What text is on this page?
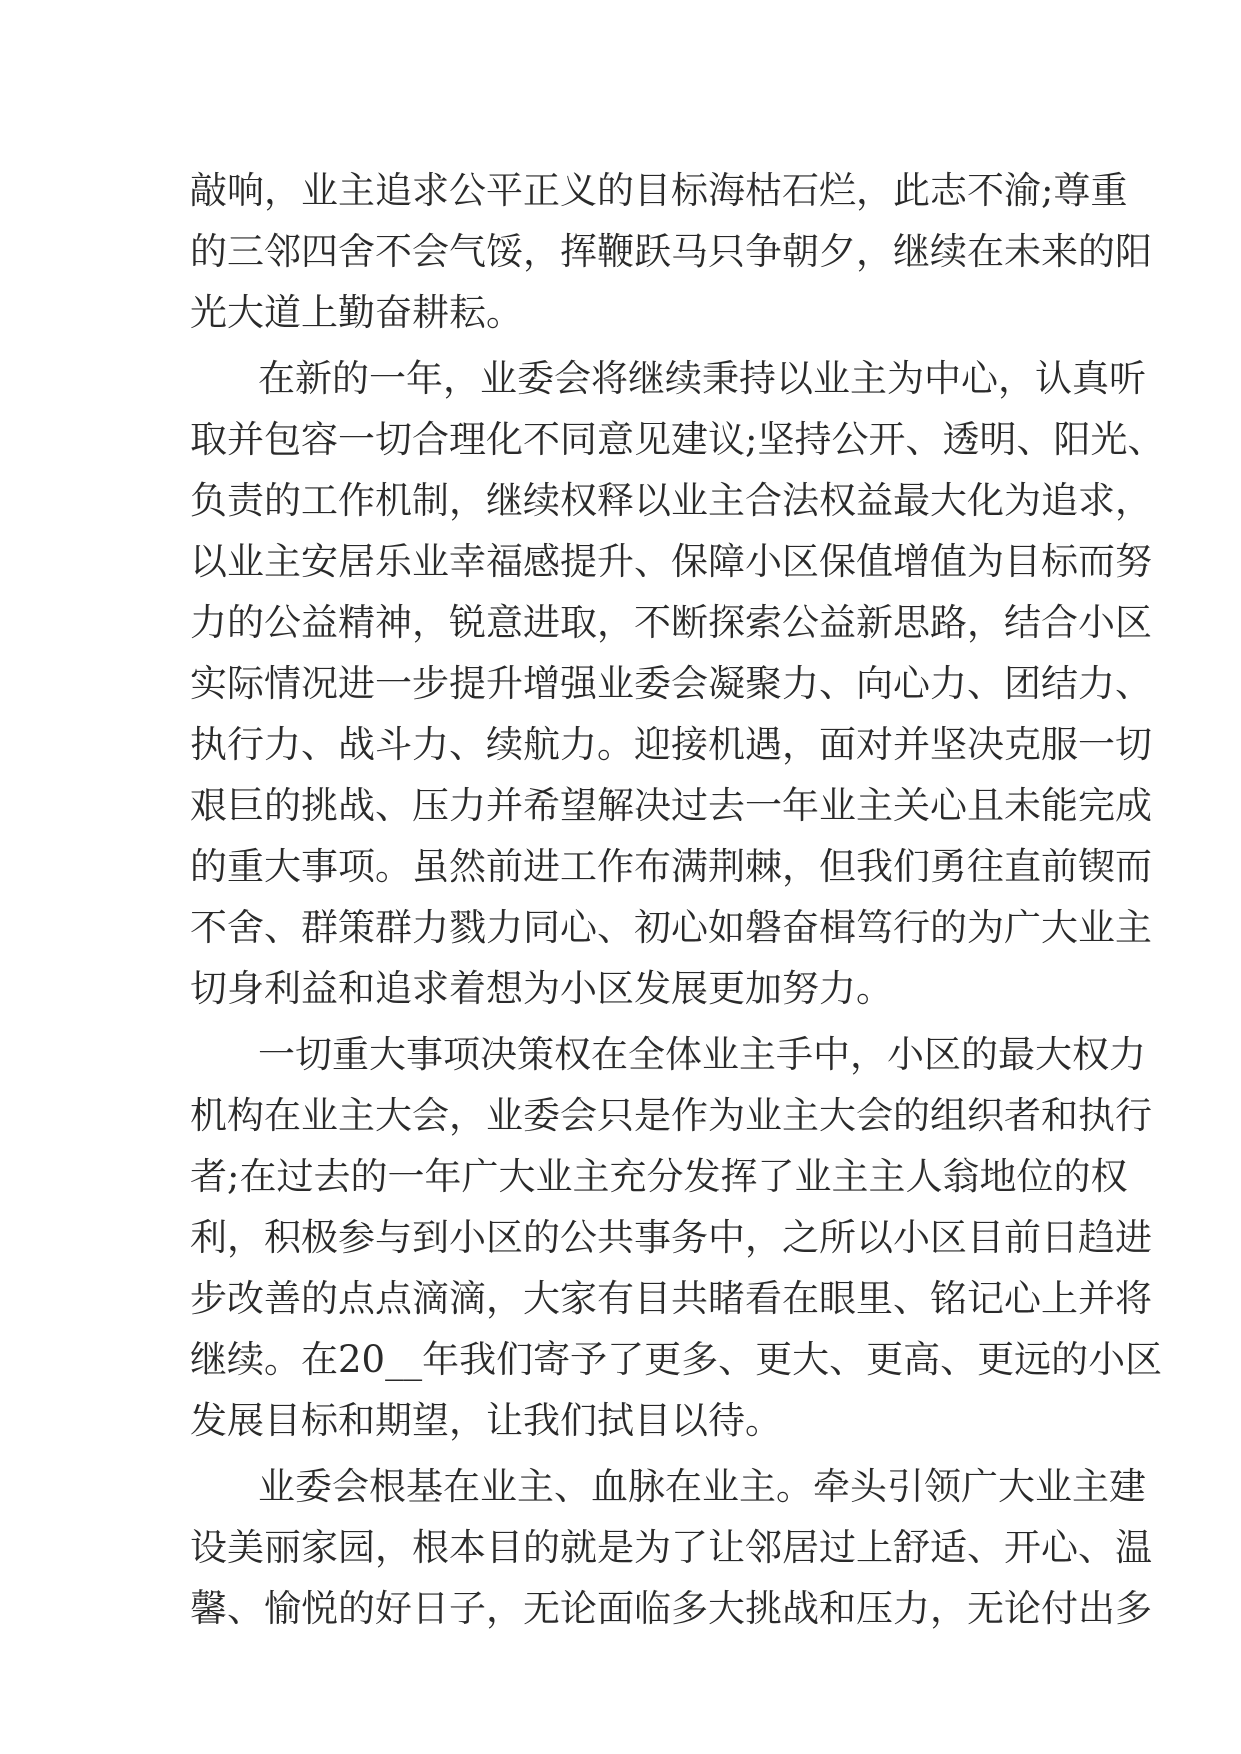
敲响，业主追求公平正义的目标海枯石烂，此志不渝;尊重
的三邻四舍不会气馁，挥鞭跃马只争朝夕，继续在未来的阳
光大道上勤奋耕耘。
在新的一年，业委会将继续秉持以业主为中心，认真听
取并包容一切合理化不同意见建议;坚持公开、透明、阳光、
负责的工作机制，继续权释以业主合法权益最大化为追求，
以业主安居乐业幸福感提升、保障小区保值增值为目标而努
力的公益精神，锐意进取，不断探索公益新思路，结合小区
实际情况进一步提升增强业委会凝聚力、向心力、团结力、
执行力、战斗力、续航力。迎接机遇，面对并坚决克服一切
艰巨的挑战、压力并希望解决过去一年业主关心且未能完成
的重大事项。虽然前进工作布满荆棘，但我们勇往直前锲而
不舍、群策群力戮力同心、初心如磐奋楫笃行的为广大业主
切身利益和追求着想为小区发展更加努力。
一切重大事项决策权在全体业主手中，小区的最大权力
机构在业主大会，业委会只是作为业主大会的组织者和执行
者;在过去的一年广大业主充分发挥了业主主人翁地位的权
利，积极参与到小区的公共事务中，之所以小区目前日趋进
步改善的点点滴滴，大家有目共睹看在眼里、铭记心上并将
继续。在20__年我们寄予了更多、更大、更高、更远的小区
发展目标和期望，让我们拭目以待。
业委会根基在业主、血脉在业主。牵头引领广大业主建
设美丽家园，根本目的就是为了让邻居过上舒适、开心、温
馨、愉悦的好日子，无论面临多大挑战和压力，无论付出多
